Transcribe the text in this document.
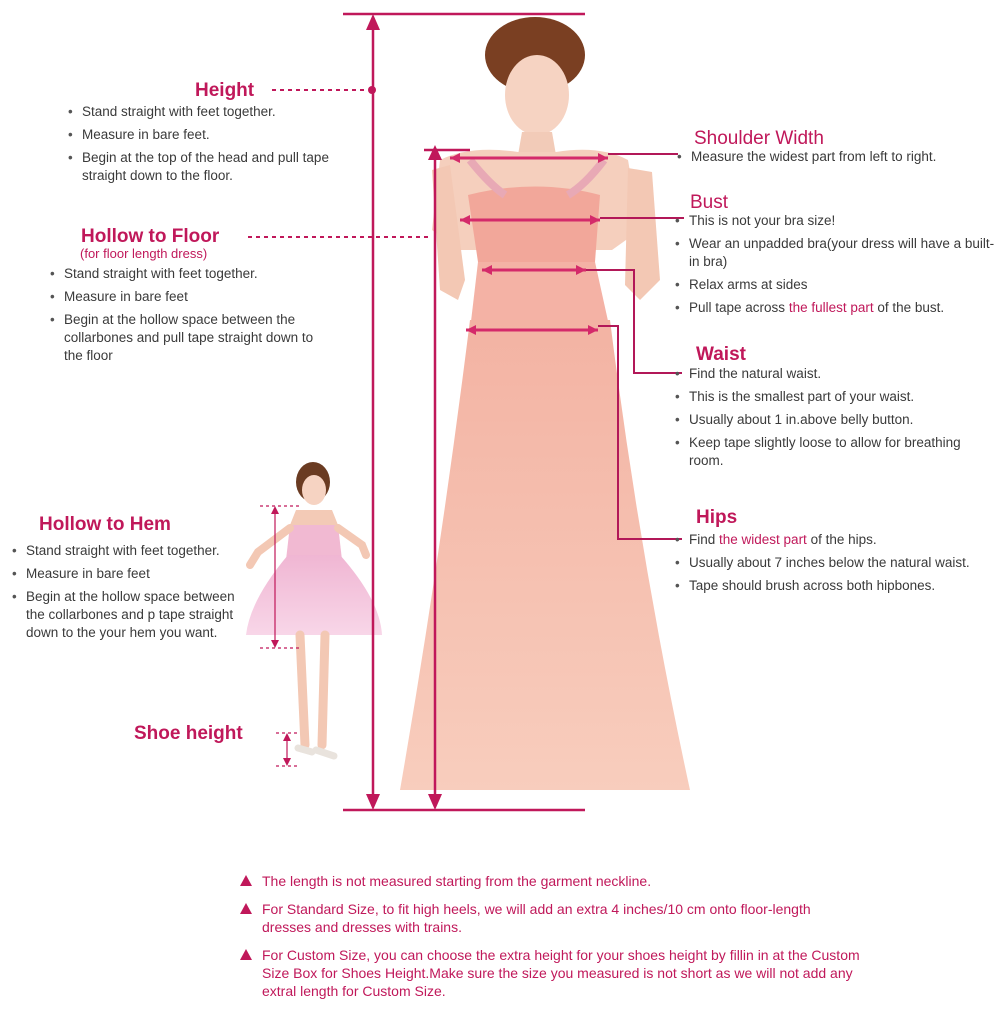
Height
• Stand straight with feet together.
• Measure in bare feet.
• Begin at the top of the head and pull tape straight down to the floor.
Hollow to Floor
(for floor length dress)
• Stand straight with feet together.
• Measure in bare feet
• Begin at the hollow space between the collarbones and pull tape straight down to the floor
Hollow to Hem
• Stand straight with feet together.
• Measure in bare feet
• Begin at the hollow space between the collarbones and p tape straight down to the your hem you want.
Shoe height
Shoulder Width
• Measure the widest part from left to right.
Bust
• This is not your bra size!
• Wear an unpadded bra(your dress will have a built-in bra)
• Relax arms at sides
• Pull tape across the fullest part of the bust.
Waist
• Find the natural waist.
• This is the smallest part of your waist.
• Usually about 1 in.above belly button.
• Keep tape slightly loose to allow for breathing room.
Hips
• Find the widest part of the hips.
• Usually about 7 inches below the natural waist.
• Tape should brush across both hipbones.
The length is not measured starting from the garment neckline.
For Standard Size, to fit high heels, we will add an extra 4 inches/10 cm onto floor-length dresses and dresses with trains.
For Custom Size, you can choose the extra height for your shoes height by fillin in at the Custom Size Box for Shoes Height.Make sure the size you measured is not short as we will not add any extral length for Custom Size.
